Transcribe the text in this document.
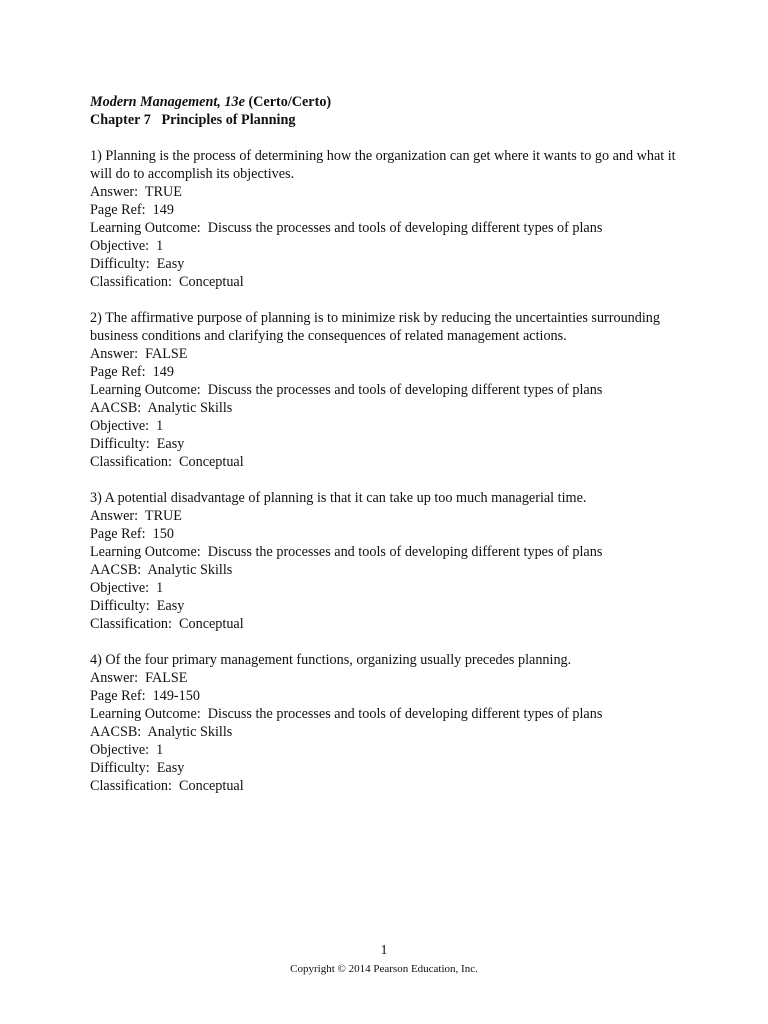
Modern Management, 13e (Certo/Certo)

Chapter 7   Principles of Planning

1) Planning is the process of determining how the organization can get where it wants to go and what it will do to accomplish its objectives.

Answer:  TRUE

Page Ref:  149

Learning Outcome:  Discuss the processes and tools of developing different types of plans

Objective:  1

Difficulty:  Easy

Classification:  Conceptual

2) The affirmative purpose of planning is to minimize risk by reducing the uncertainties surrounding business conditions and clarifying the consequences of related management actions.

Answer:  FALSE

Page Ref:  149

Learning Outcome:  Discuss the processes and tools of developing different types of plans

AACSB:  Analytic Skills

Objective:  1

Difficulty:  Easy

Classification:  Conceptual

3) A potential disadvantage of planning is that it can take up too much managerial time.

Answer:  TRUE

Page Ref:  150

Learning Outcome:  Discuss the processes and tools of developing different types of plans

AACSB:  Analytic Skills

Objective:  1

Difficulty:  Easy

Classification:  Conceptual

4) Of the four primary management functions, organizing usually precedes planning.

Answer:  FALSE

Page Ref:  149-150

Learning Outcome:  Discuss the processes and tools of developing different types of plans

AACSB:  Analytic Skills

Objective:  1

Difficulty:  Easy

Classification:  Conceptual

1
Copyright © 2014 Pearson Education, Inc.
